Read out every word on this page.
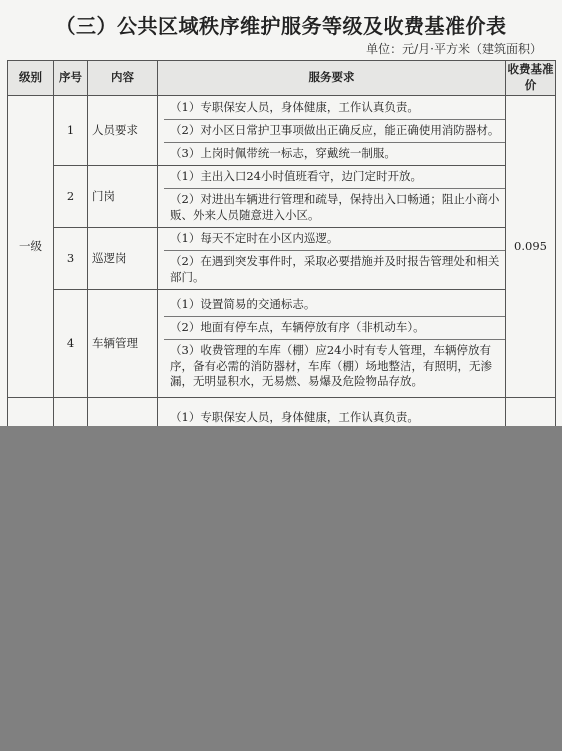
（三）公共区域秩序维护服务等级及收费基准价表
单位：元/月·平方米（建筑面积）
级别	序号	内容	服务要求	收费基准价
一级	1	人员要求	（1）专职保安人员，身体健康，工作认真负责。
（2）对小区日常护卫事项做出正确反应，能正确使用消防器材。
（3）上岗时佩带统一标志，穿戴统一制服。	0.095
	2	门岗	（1）主出入口24小时值班看守，边门定时开放。
（2）对进出车辆进行管理和疏导，保持出入口畅通；阻止小商小贩、外来人员随意进入小区。	

	3	巡逻岗	（1）每天不定时在小区内巡逻。
（2）在遇到突发事件时，采取必要措施并及时报告管理处和相关部门。	

	4	车辆管理	（1）设置简易的交通标志。
（2）地面有停车点，车辆停放有序（非机动车）。
（3）收费管理的车库（棚）应24小时有专人管理，车辆停放有序，备有必需的消防器材，车库（棚）场地整洁，有照明，无渗漏，无明显积水，无易燃、易爆及危险物品存放。	

			（1）专职保安人员，身体健康，工作认真负责。	
